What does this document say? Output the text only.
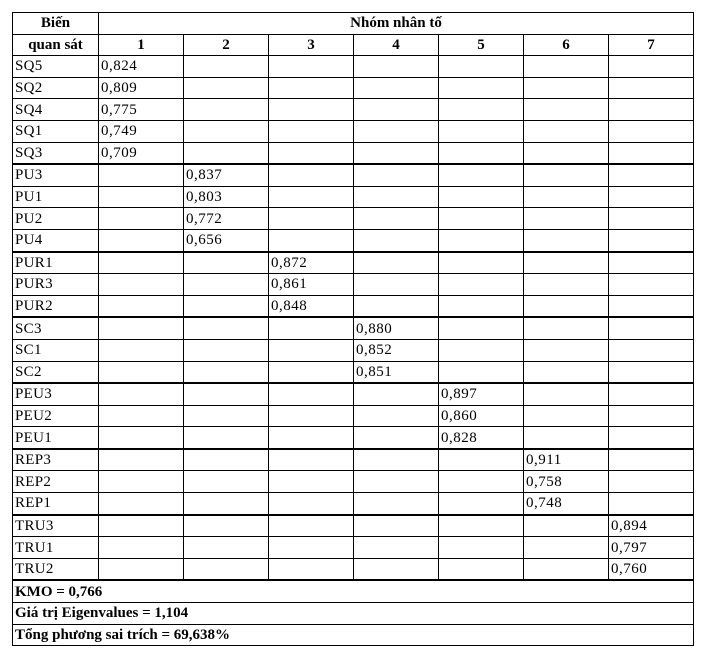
Biến	Nhóm nhân tố						
quan sát	1	2	3	4	5	6	7
SQ5	0,824						
SQ2	0,809						
SQ4	0,775						
SQ1	0,749						
SQ3	0,709						
PU3		0,837					
PU1		0,803					
PU2		0,772					
PU4		0,656					
PUR1			0,872				
PUR3			0,861				
PUR2			0,848				
SC3				0,880			
SC1				0,852			
SC2				0,851			
PEU3					0,897		
PEU2					0,860		
PEU1					0,828		
REP3						0,911	
REP2						0,758	
REP1						0,748	
TRU3							0,894
TRU1							0,797
TRU2							0,760
KMO = 0,766							
Giá trị Eigenvalues = 1,104							
Tổng phương sai trích = 69,638%							
